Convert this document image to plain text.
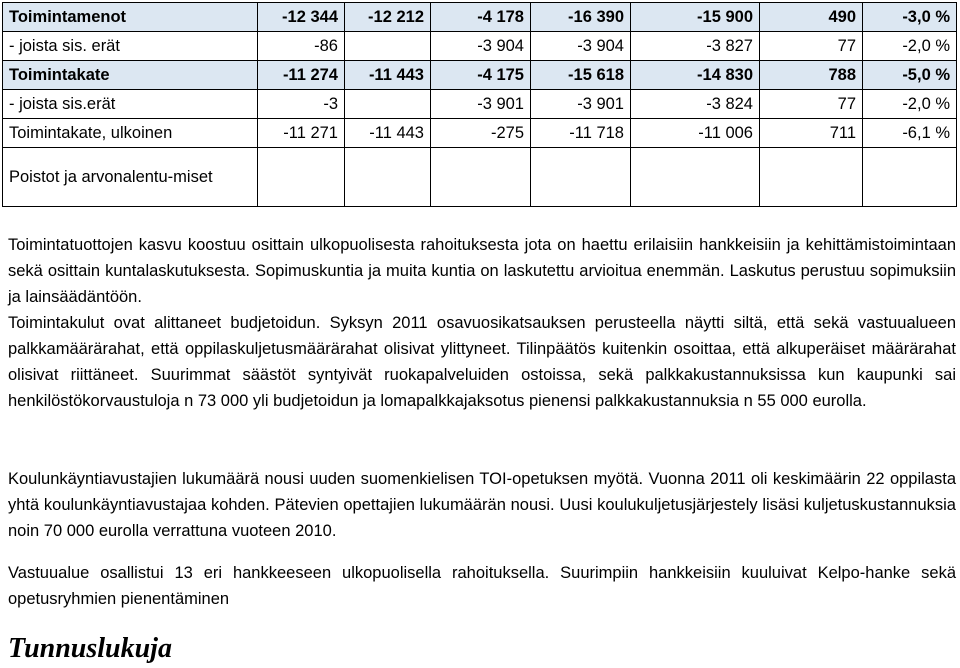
Toimintamenot	-12 344	-12 212	-4 178	-16 390	-15 900	490	-3,0 %
- joista sis. erät	-86		-3 904	-3 904	-3 827	77	-2,0 %
Toimintakate	-11 274	-11 443	-4 175	-15 618	-14 830	788	-5,0 %
- joista sis.erät	-3		-3 901	-3 901	-3 824	77	-2,0 %
Toimintakate, ulkoinen	-11 271	-11 443	-275	-11 718	-11 006	711	-6,1 %
Poistot ja arvonalentu-miset							

Toimintatuottojen kasvu koostuu osittain ulkopuolisesta rahoituksesta jota on haettu erilaisiin hankkeisiin ja kehittämistoimintaan sekä osittain kuntalaskutuksesta. Sopimuskuntia ja muita kuntia on laskutettu arvioitua enemmän. Laskutus perustuu sopimuksiin ja lainsäädäntöön.

Toimintakulut ovat alittaneet budjetoidun. Syksyn 2011 osavuosikatsauksen perusteella näytti siltä, että sekä vastuualueen palkkamäärärahat, että oppilaskuljetusmäärärahat olisivat ylittyneet. Tilinpäätös kuitenkin osoittaa, että alkuperäiset määrärahat olisivat riittäneet. Suurimmat säästöt syntyivät ruokapalveluiden ostoissa, sekä palkkakustannuksissa kun kaupunki sai henkilöstökorvaustuloja n 73 000 yli budjetoidun ja lomapalkkajaksotus pienensi palkkakustannuksia n 55 000 eurolla.

Koulunkäyntiavustajien lukumäärä nousi uuden suomenkielisen TOI-opetuksen myötä. Vuonna 2011 oli keskimäärin 22 oppilasta yhtä koulunkäyntiavustajaa kohden. Pätevien opettajien lukumäärän nousi. Uusi koulukuljetusjärjestely lisäsi kuljetuskustannuksia noin 70 000 eurolla verrattuna vuoteen 2010.

Vastuualue osallistui 13 eri hankkeeseen ulkopuolisella rahoituksella. Suurimpiin hankkeisiin kuuluivat Kelpo-hanke sekä opetusryhmien pienentäminen

Tunnuslukuja
